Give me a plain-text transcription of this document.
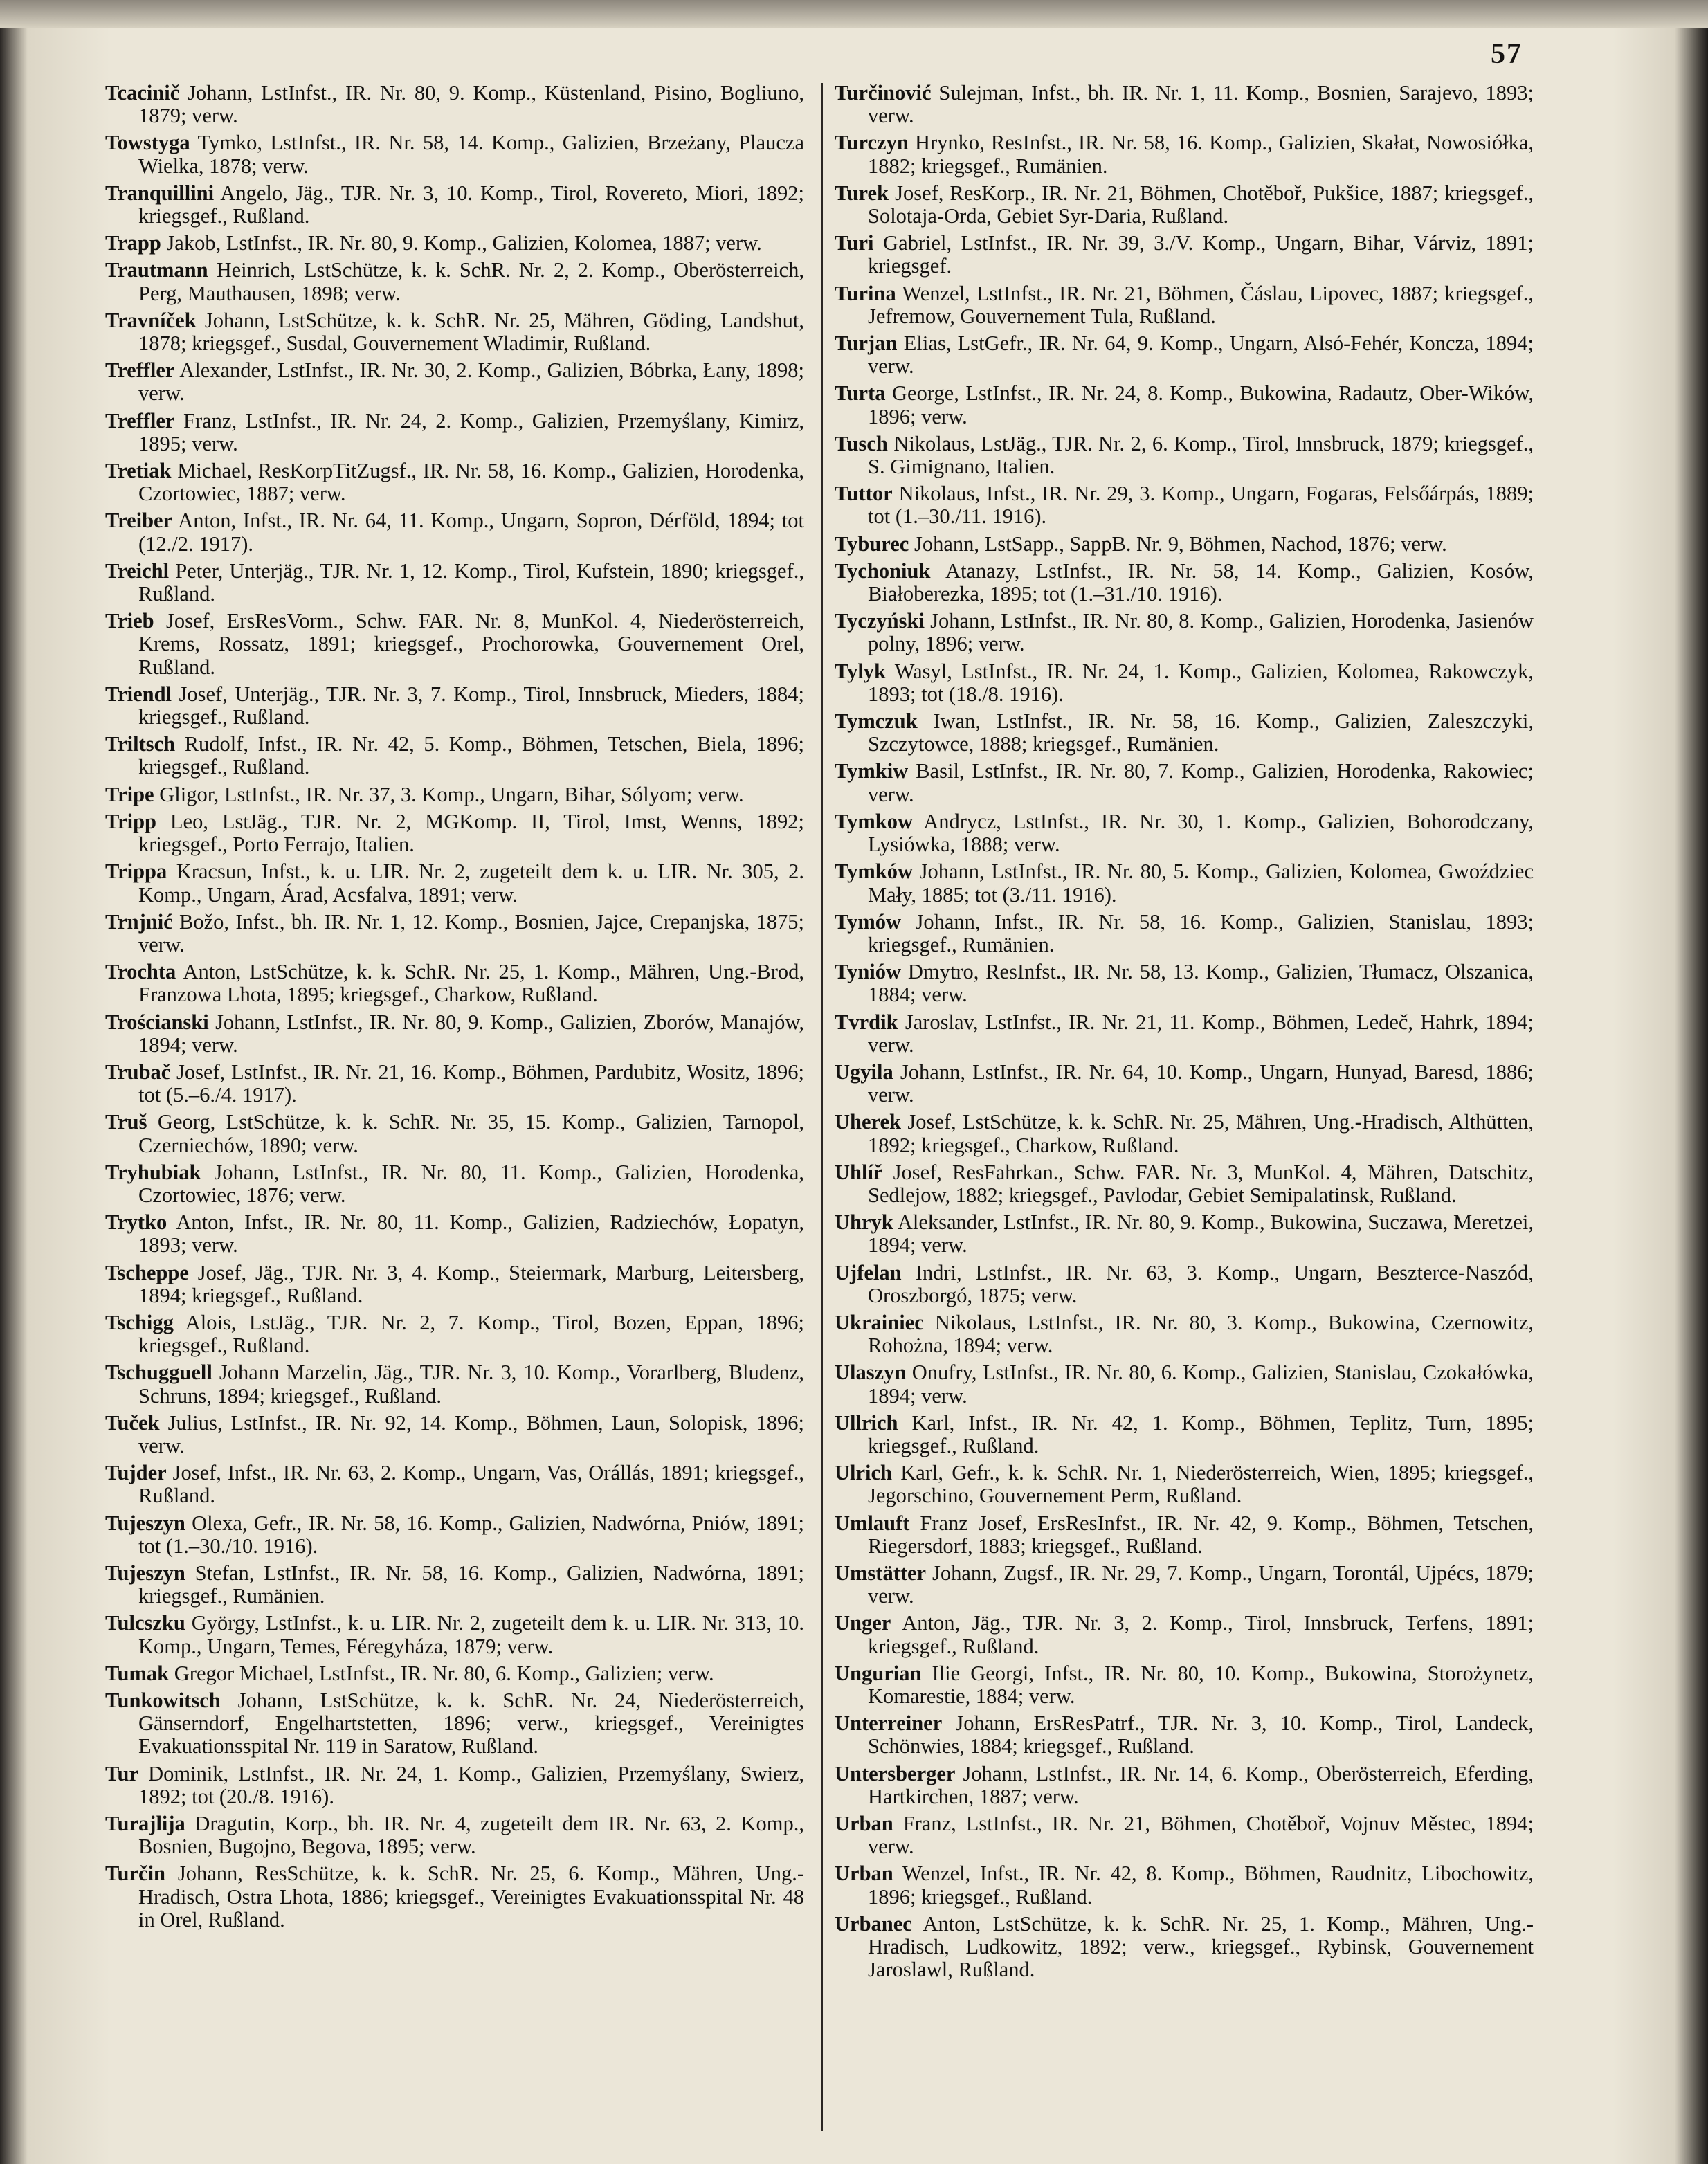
57

Tcacinič Johann, LstInfst., IR. Nr. 80, 9. Komp., Küstenland, Pisino, Bogliuno, 1879; verw.

Towstyga Tymko, LstInfst., IR. Nr. 58, 14. Komp., Galizien, Brzeżany, Plaucza Wielka, 1878; verw.

Tranquillini Angelo, Jäg., TJR. Nr. 3, 10. Komp., Tirol, Rovereto, Miori, 1892; kriegsgef., Rußland.

Trapp Jakob, LstInfst., IR. Nr. 80, 9. Komp., Galizien, Kolomea, 1887; verw.

Trautmann Heinrich, LstSchütze, k. k. SchR. Nr. 2, 2. Komp., Oberösterreich, Perg, Mauthausen, 1898; verw.

Travníček Johann, LstSchütze, k. k. SchR. Nr. 25, Mähren, Göding, Landshut, 1878; kriegsgef., Susdal, Gouvernement Wladimir, Rußland.

Treffler Alexander, LstInfst., IR. Nr. 30, 2. Komp., Galizien, Bóbrka, Łany, 1898; verw.

Treffler Franz, LstInfst., IR. Nr. 24, 2. Komp., Galizien, Przemyślany, Kimirz, 1895; verw.

Tretiak Michael, ResKorpTitZugsf., IR. Nr. 58, 16. Komp., Galizien, Horodenka, Czortowiec, 1887; verw.

Treiber Anton, Infst., IR. Nr. 64, 11. Komp., Ungarn, Sopron, Dérföld, 1894; tot (12./2. 1917).

Treichl Peter, Unterjäg., TJR. Nr. 1, 12. Komp., Tirol, Kufstein, 1890; kriegsgef., Rußland.

Trieb Josef, ErsResVorm., Schw. FAR. Nr. 8, MunKol. 4, Niederösterreich, Krems, Rossatz, 1891; kriegsgef., Prochorowka, Gouvernement Orel, Rußland.

Triendl Josef, Unterjäg., TJR. Nr. 3, 7. Komp., Tirol, Innsbruck, Mieders, 1884; kriegsgef., Rußland.

Triltsch Rudolf, Infst., IR. Nr. 42, 5. Komp., Böhmen, Tetschen, Biela, 1896; kriegsgef., Rußland.

Tripe Gligor, LstInfst., IR. Nr. 37, 3. Komp., Ungarn, Bihar, Sólyom; verw.

Tripp Leo, LstJäg., TJR. Nr. 2, MGKomp. II, Tirol, Imst, Wenns, 1892; kriegsgef., Porto Ferrajo, Italien.

Trippa Kracsun, Infst., k. u. LIR. Nr. 2, zugeteilt dem k. u. LIR. Nr. 305, 2. Komp., Ungarn, Árad, Acsfalva, 1891; verw.

Trnjnić Božo, Infst., bh. IR. Nr. 1, 12. Komp., Bosnien, Jajce, Crepanjska, 1875; verw.

Trochta Anton, LstSchütze, k. k. SchR. Nr. 25, 1. Komp., Mähren, Ung.-Brod, Franzowa Lhota, 1895; kriegsgef., Charkow, Rußland.

Trościanski Johann, LstInfst., IR. Nr. 80, 9. Komp., Galizien, Zborów, Manajów, 1894; verw.

Trubač Josef, LstInfst., IR. Nr. 21, 16. Komp., Böhmen, Pardubitz, Wositz, 1896; tot (5.–6./4. 1917).

Truš Georg, LstSchütze, k. k. SchR. Nr. 35, 15. Komp., Galizien, Tarnopol, Czerniechów, 1890; verw.

Tryhubiak Johann, LstInfst., IR. Nr. 80, 11. Komp., Galizien, Horodenka, Czortowiec, 1876; verw.

Trytko Anton, Infst., IR. Nr. 80, 11. Komp., Galizien, Radziechów, Łopatyn, 1893; verw.

Tscheppe Josef, Jäg., TJR. Nr. 3, 4. Komp., Steiermark, Marburg, Leitersberg, 1894; kriegsgef., Rußland.

Tschigg Alois, LstJäg., TJR. Nr. 2, 7. Komp., Tirol, Bozen, Eppan, 1896; kriegsgef., Rußland.

Tschugguell Johann Marzelin, Jäg., TJR. Nr. 3, 10. Komp., Vorarlberg, Bludenz, Schruns, 1894; kriegsgef., Rußland.

Tuček Julius, LstInfst., IR. Nr. 92, 14. Komp., Böhmen, Laun, Solopisk, 1896; verw.

Tujder Josef, Infst., IR. Nr. 63, 2. Komp., Ungarn, Vas, Orállás, 1891; kriegsgef., Rußland.

Tujeszyn Olexa, Gefr., IR. Nr. 58, 16. Komp., Galizien, Nadwórna, Pniów, 1891; tot (1.–30./10. 1916).

Tujeszyn Stefan, LstInfst., IR. Nr. 58, 16. Komp., Galizien, Nadwórna, 1891; kriegsgef., Rumänien.

Tulcszku György, LstInfst., k. u. LIR. Nr. 2, zugeteilt dem k. u. LIR. Nr. 313, 10. Komp., Ungarn, Temes, Féregyháza, 1879; verw.

Tumak Gregor Michael, LstInfst., IR. Nr. 80, 6. Komp., Galizien; verw.

Tunkowitsch Johann, LstSchütze, k. k. SchR. Nr. 24, Niederösterreich, Gänserndorf, Engelhartstetten, 1896; verw., kriegsgef., Vereinigtes Evakuationsspital Nr. 119 in Saratow, Rußland.

Tur Dominik, LstInfst., IR. Nr. 24, 1. Komp., Galizien, Przemyślany, Swierz, 1892; tot (20./8. 1916).

Turajlija Dragutin, Korp., bh. IR. Nr. 4, zugeteilt dem IR. Nr. 63, 2. Komp., Bosnien, Bugojno, Begova, 1895; verw.

Turčin Johann, ResSchütze, k. k. SchR. Nr. 25, 6. Komp., Mähren, Ung.-Hradisch, Ostra Lhota, 1886; kriegsgef., Vereinigtes Evakuationsspital Nr. 48 in Orel, Rußland.

Turčinović Sulejman, Infst., bh. IR. Nr. 1, 11. Komp., Bosnien, Sarajevo, 1893; verw.

Turczyn Hrynko, ResInfst., IR. Nr. 58, 16. Komp., Galizien, Skałat, Nowosiółka, 1882; kriegsgef., Rumänien.

Turek Josef, ResKorp., IR. Nr. 21, Böhmen, Chotěboř, Pukšice, 1887; kriegsgef., Solotaja-Orda, Gebiet Syr-Daria, Rußland.

Turi Gabriel, LstInfst., IR. Nr. 39, 3./V. Komp., Ungarn, Bihar, Várviz, 1891; kriegsgef.

Turina Wenzel, LstInfst., IR. Nr. 21, Böhmen, Čáslau, Lipovec, 1887; kriegsgef., Jefremow, Gouvernement Tula, Rußland.

Turjan Elias, LstGefr., IR. Nr. 64, 9. Komp., Ungarn, Alsó-Fehér, Koncza, 1894; verw.

Turta George, LstInfst., IR. Nr. 24, 8. Komp., Bukowina, Radautz, Ober-Wików, 1896; verw.

Tusch Nikolaus, LstJäg., TJR. Nr. 2, 6. Komp., Tirol, Innsbruck, 1879; kriegsgef., S. Gimignano, Italien.

Tuttor Nikolaus, Infst., IR. Nr. 29, 3. Komp., Ungarn, Fogaras, Felsőárpás, 1889; tot (1.–30./11. 1916).

Tyburec Johann, LstSapp., SappB. Nr. 9, Böhmen, Nachod, 1876; verw.

Tychoniuk Atanazy, LstInfst., IR. Nr. 58, 14. Komp., Galizien, Kosów, Białoberezka, 1895; tot (1.–31./10. 1916).

Tyczyński Johann, LstInfst., IR. Nr. 80, 8. Komp., Galizien, Horodenka, Jasienów polny, 1896; verw.

Tylyk Wasyl, LstInfst., IR. Nr. 24, 1. Komp., Galizien, Kolomea, Rakowczyk, 1893; tot (18./8. 1916).

Tymczuk Iwan, LstInfst., IR. Nr. 58, 16. Komp., Galizien, Zaleszczyki, Szczytowce, 1888; kriegsgef., Rumänien.

Tymkiw Basil, LstInfst., IR. Nr. 80, 7. Komp., Galizien, Horodenka, Rakowiec; verw.

Tymkow Andrycz, LstInfst., IR. Nr. 30, 1. Komp., Galizien, Bohorodczany, Lysiówka, 1888; verw.

Tymków Johann, LstInfst., IR. Nr. 80, 5. Komp., Galizien, Kolomea, Gwoździec Mały, 1885; tot (3./11. 1916).

Tymów Johann, Infst., IR. Nr. 58, 16. Komp., Galizien, Stanislau, 1893; kriegsgef., Rumänien.

Tyniów Dmytro, ResInfst., IR. Nr. 58, 13. Komp., Galizien, Tłumacz, Olszanica, 1884; verw.

Tvrdik Jaroslav, LstInfst., IR. Nr. 21, 11. Komp., Böhmen, Ledeč, Hahrk, 1894; verw.

Ugyila Johann, LstInfst., IR. Nr. 64, 10. Komp., Ungarn, Hunyad, Baresd, 1886; verw.

Uherek Josef, LstSchütze, k. k. SchR. Nr. 25, Mähren, Ung.-Hradisch, Althütten, 1892; kriegsgef., Charkow, Rußland.

Uhlíř Josef, ResFahrkan., Schw. FAR. Nr. 3, MunKol. 4, Mähren, Datschitz, Sedlejow, 1882; kriegsgef., Pavlodar, Gebiet Semipalatinsk, Rußland.

Uhryk Aleksander, LstInfst., IR. Nr. 80, 9. Komp., Bukowina, Suczawa, Meretzei, 1894; verw.

Ujfelan Indri, LstInfst., IR. Nr. 63, 3. Komp., Ungarn, Beszterce-Naszód, Oroszborgó, 1875; verw.

Ukrainiec Nikolaus, LstInfst., IR. Nr. 80, 3. Komp., Bukowina, Czernowitz, Rohożna, 1894; verw.

Ulaszyn Onufry, LstInfst., IR. Nr. 80, 6. Komp., Galizien, Stanislau, Czokałówka, 1894; verw.

Ullrich Karl, Infst., IR. Nr. 42, 1. Komp., Böhmen, Teplitz, Turn, 1895; kriegsgef., Rußland.

Ulrich Karl, Gefr., k. k. SchR. Nr. 1, Niederösterreich, Wien, 1895; kriegsgef., Jegorschino, Gouvernement Perm, Rußland.

Umlauft Franz Josef, ErsResInfst., IR. Nr. 42, 9. Komp., Böhmen, Tetschen, Riegersdorf, 1883; kriegsgef., Rußland.

Umstätter Johann, Zugsf., IR. Nr. 29, 7. Komp., Ungarn, Torontál, Ujpécs, 1879; verw.

Unger Anton, Jäg., TJR. Nr. 3, 2. Komp., Tirol, Innsbruck, Terfens, 1891; kriegsgef., Rußland.

Ungurian Ilie Georgi, Infst., IR. Nr. 80, 10. Komp., Bukowina, Storożynetz, Komarestie, 1884; verw.

Unterreiner Johann, ErsResPatrf., TJR. Nr. 3, 10. Komp., Tirol, Landeck, Schönwies, 1884; kriegsgef., Rußland.

Untersberger Johann, LstInfst., IR. Nr. 14, 6. Komp., Oberösterreich, Eferding, Hartkirchen, 1887; verw.

Urban Franz, LstInfst., IR. Nr. 21, Böhmen, Chotěboř, Vojnuv Městec, 1894; verw.

Urban Wenzel, Infst., IR. Nr. 42, 8. Komp., Böhmen, Raudnitz, Libochowitz, 1896; kriegsgef., Rußland.

Urbanec Anton, LstSchütze, k. k. SchR. Nr. 25, 1. Komp., Mähren, Ung.-Hradisch, Ludkowitz, 1892; verw., kriegsgef., Rybinsk, Gouvernement Jaroslawl, Rußland.
